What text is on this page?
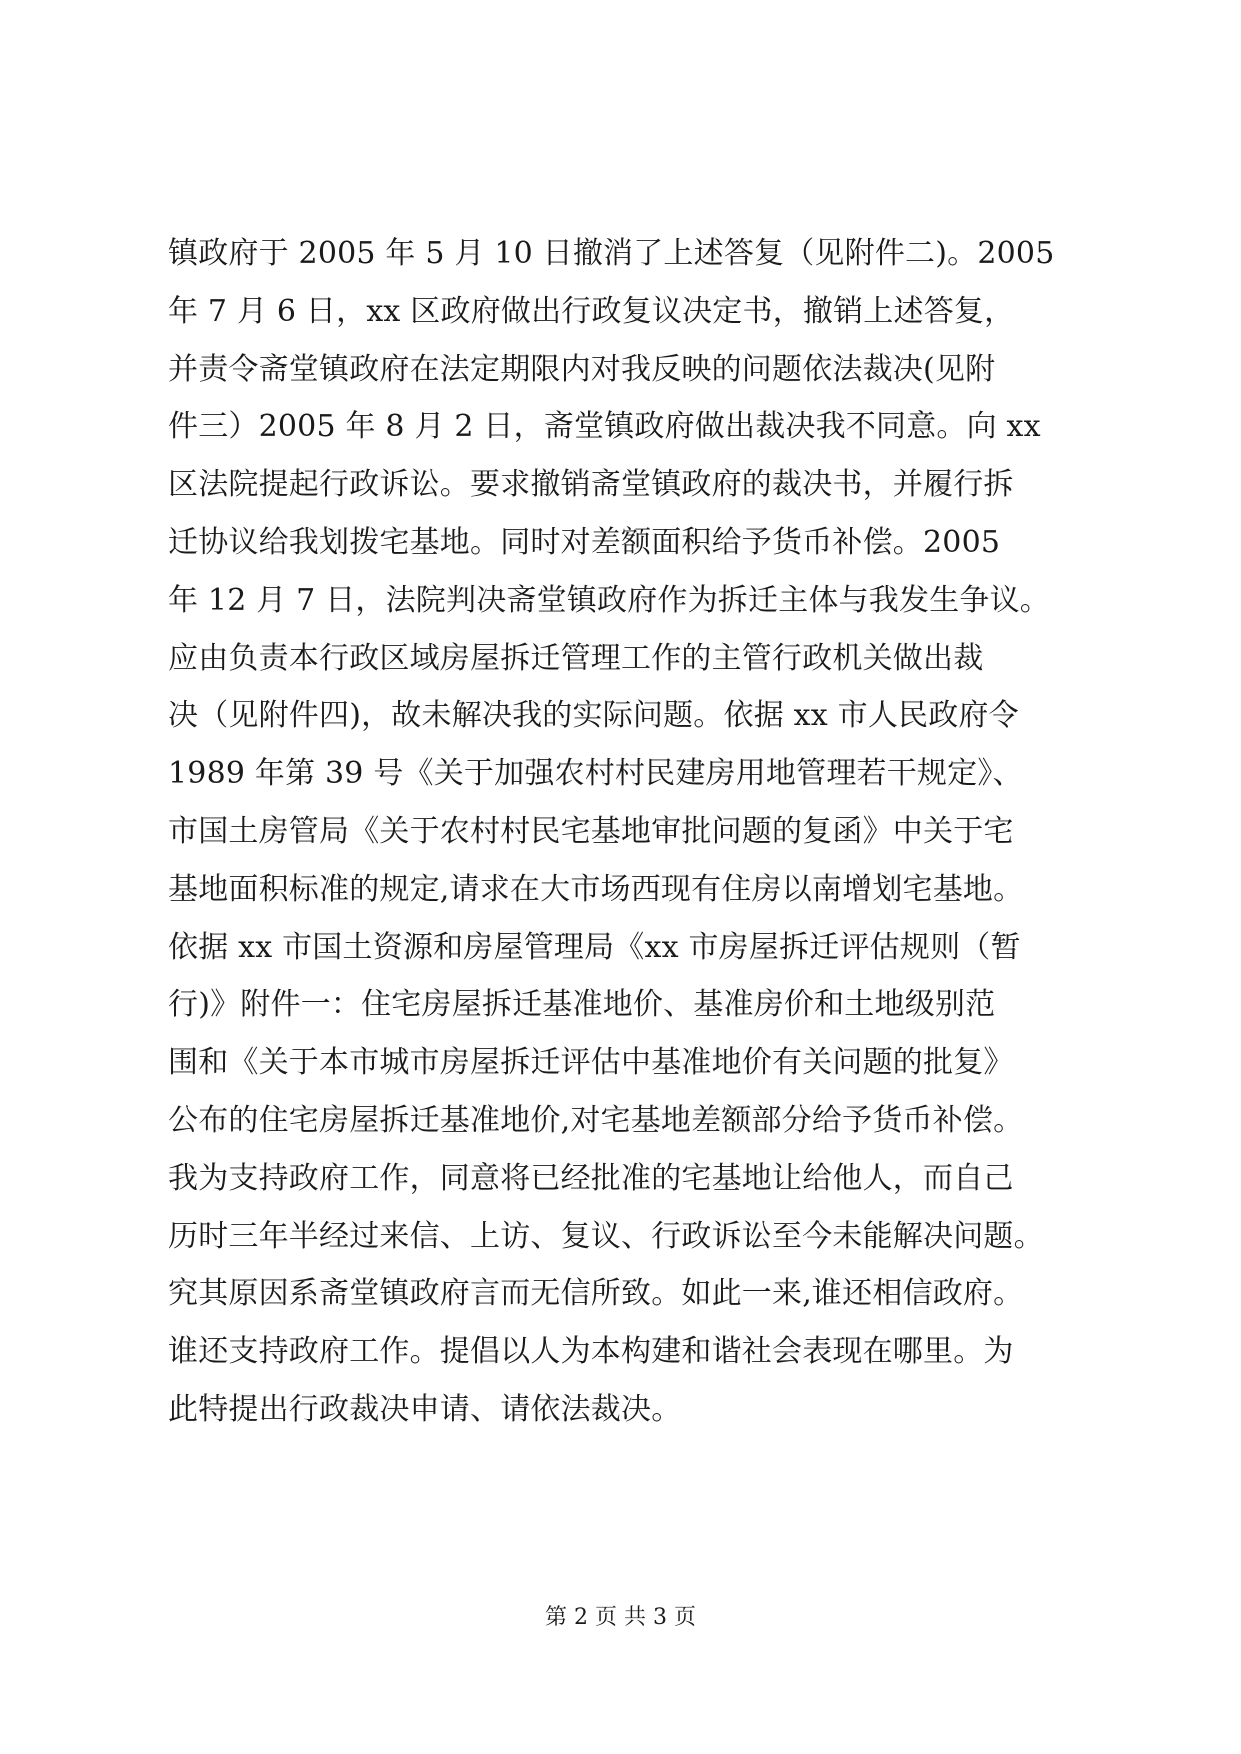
镇政府于 2005 年 5 月 10 日撤消了上述答复（见附件二)。2005
年 7 月 6 日，xx 区政府做出行政复议决定书，撤销上述答复，
并责令斋堂镇政府在法定期限内对我反映的问题依法裁决(见附
件三）2005 年 8 月 2 日，斋堂镇政府做出裁决我不同意。向 xx
区法院提起行政诉讼。要求撤销斋堂镇政府的裁决书，并履行拆
迁协议给我划拨宅基地。同时对差额面积给予货币补偿。2005
年 12 月 7 日，法院判决斋堂镇政府作为拆迁主体与我发生争议。
应由负责本行政区域房屋拆迁管理工作的主管行政机关做出裁
决（见附件四)，故未解决我的实际问题。依据 xx 市人民政府令
1989 年第 39 号《关于加强农村村民建房用地管理若干规定》、
市国土房管局《关于农村村民宅基地审批问题的复函》中关于宅
基地面积标准的规定,请求在大市场西现有住房以南增划宅基地。
依据 xx 市国土资源和房屋管理局《xx 市房屋拆迁评估规则（暂
行)》附件一：住宅房屋拆迁基准地价、基准房价和土地级别范
围和《关于本市城市房屋拆迁评估中基准地价有关问题的批复》
公布的住宅房屋拆迁基准地价,对宅基地差额部分给予货币补偿。
我为支持政府工作，同意将已经批准的宅基地让给他人，而自己
历时三年半经过来信、上访、复议、行政诉讼至今未能解决问题。
究其原因系斋堂镇政府言而无信所致。如此一来,谁还相信政府。
谁还支持政府工作。提倡以人为本构建和谐社会表现在哪里。为
此特提出行政裁决申请、请依法裁决。
第 2 页 共 3 页
